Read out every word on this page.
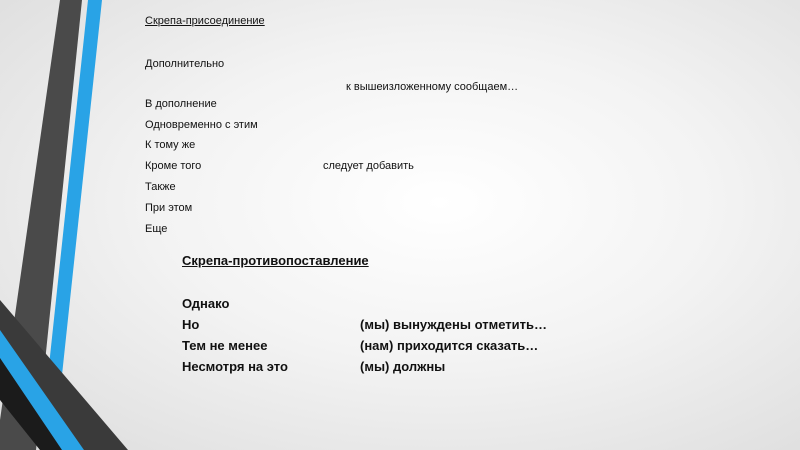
Скрепа-присоединение
Дополнительно
к вышеизложенному сообщаем…
В дополнение
Одновременно с этим
К тому же
Кроме того	следует добавить
Также
При этом
Еще
Скрепа-противопоставление
Однако
Но	(мы) вынуждены отметить…
Тем не менее	(нам) приходится сказать…
Несмотря на это	(мы) должны
